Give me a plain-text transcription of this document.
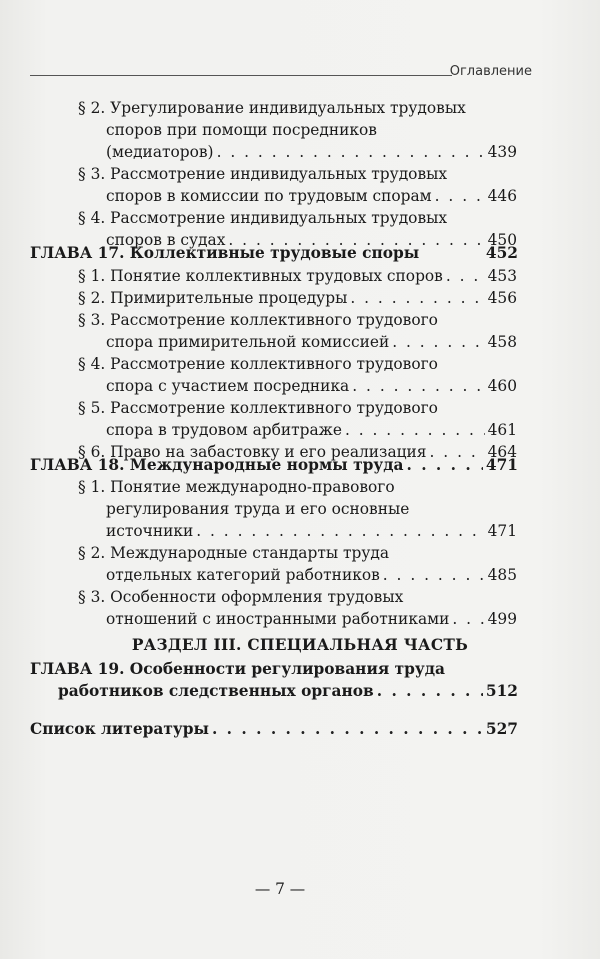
Оглавление
§ 2. Урегулирование индивидуальных трудовых
споров при помощи посредников
(медиаторов) . . .	439
§ 3. Рассмотрение индивидуальных трудовых
споров в комиссии по трудовым спорам . . .	446
§ 4. Рассмотрение индивидуальных трудовых
споров в судах . . .	450
ГЛАВА 17. Коллективные трудовые споры	452
§ 1. Понятие коллективных трудовых споров . . .	453
§ 2. Примирительные процедуры . . .	456
§ 3. Рассмотрение коллективного трудового
спора примирительной комиссией . . .	458
§ 4. Рассмотрение коллективного трудового
спора с участием посредника . . .	460
§ 5. Рассмотрение коллективного трудового
спора в трудовом арбитраже . . .	461
§ 6. Право на забастовку и его реализация . . .	464
ГЛАВА 18. Международные нормы труда . . .	471
§ 1. Понятие международно-правового
регулирования труда и его основные
источники . . .	471
§ 2. Международные стандарты труда
отдельных категорий работников . . .	485
§ 3. Особенности оформления трудовых
отношений с иностранными работниками . . . 499
РАЗДЕЛ III. СПЕЦИАЛЬНАЯ ЧАСТЬ
ГЛАВА 19. Особенности регулирования труда
работников следственных органов . . .	512
Список литературы . . .	527
— 7 —
